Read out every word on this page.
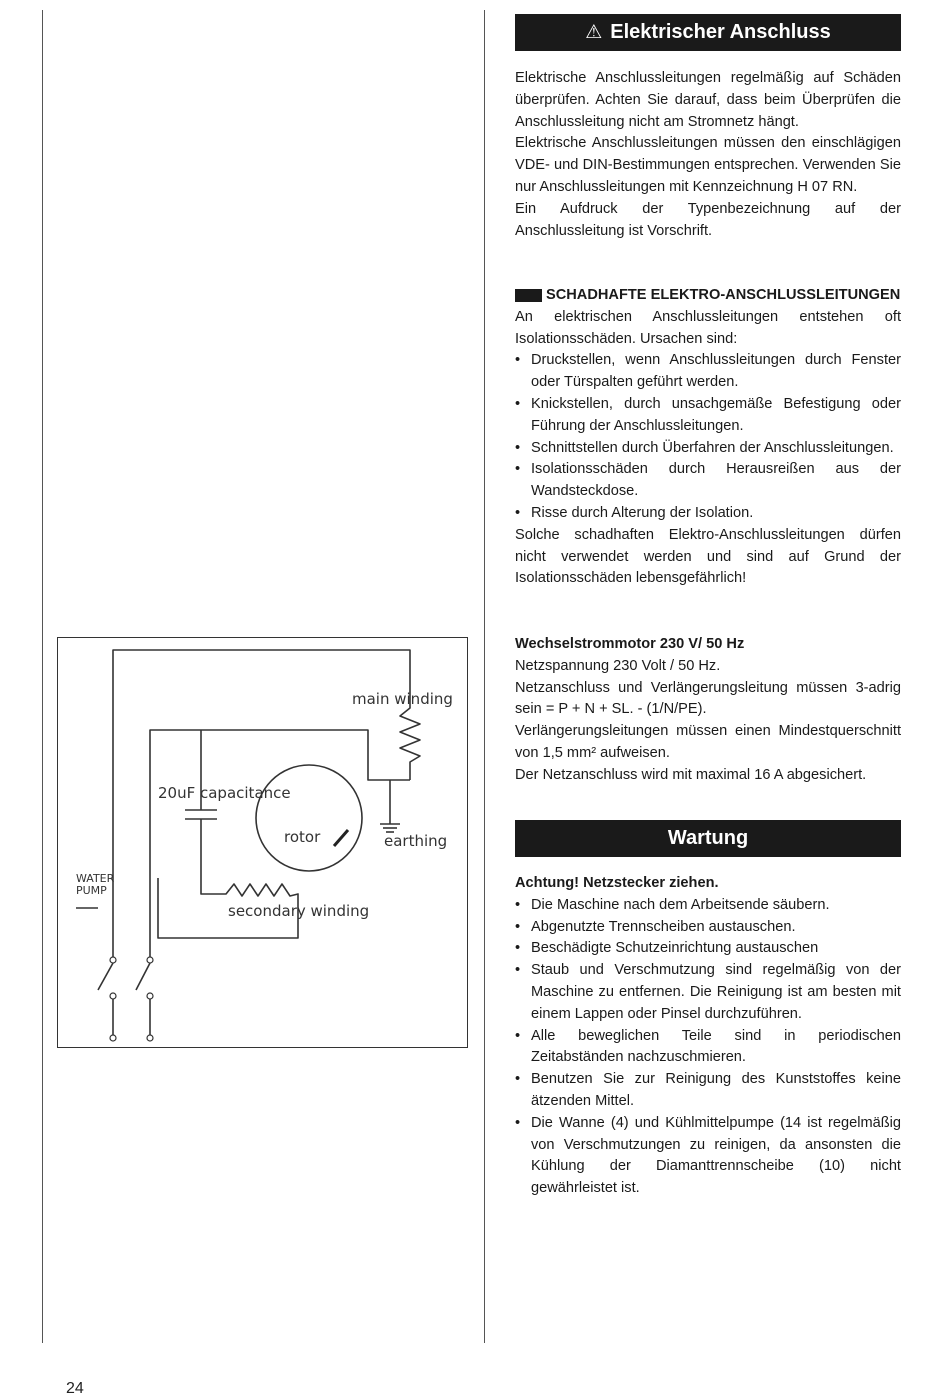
main winding
20uF capacitance
rotor	earthing
WATER
PUMP
secondary winding
⚠ Elektrischer Anschluss

Elektrische Anschlussleitungen regelmäßig auf Schäden überprüfen. Achten Sie darauf, dass beim Überprüfen die Anschlussleitung nicht am Stromnetz hängt.

Elektrische Anschlussleitungen müssen den einschlägigen VDE- und DIN-Bestimmungen entsprechen. Verwenden Sie nur Anschlussleitungen mit Kennzeichnung H 07 RN.

Ein Aufdruck der Typenbezeichnung auf der Anschlussleitung ist Vorschrift.

SCHADHAFTE ELEKTRO-ANSCHLUSSLEITUNGEN

An elektrischen Anschlussleitungen entstehen oft Isolationsschäden. Ursachen sind:

• Druckstellen, wenn Anschlussleitungen durch Fenster oder Türspalten geführt werden.
• Knickstellen, durch unsachgemäße Befestigung oder Führung der Anschlussleitungen.
• Schnittstellen durch Überfahren der Anschlussleitungen.
• Isolationsschäden durch Herausreißen aus der Wandsteckdose.
• Risse durch Alterung der Isolation.

Solche schadhaften Elektro-Anschlussleitungen dürfen nicht verwendet werden und sind auf Grund der Isolationsschäden lebensgefährlich!

Wechselstrommotor 230 V/ 50 Hz

Netzspannung 230 Volt / 50 Hz.

Netzanschluss und Verlängerungsleitung müssen 3-adrig sein = P + N + SL. - (1/N/PE).

Verlängerungsleitungen müssen einen Mindestquerschnitt von 1,5 mm² aufweisen.

Der Netzanschluss wird mit maximal 16 A abgesichert.

Wartung

Achtung! Netzstecker ziehen.

• Die Maschine nach dem Arbeitsende säubern.
• Abgenutzte Trennscheiben austauschen.
• Beschädigte Schutzeinrichtung austauschen
• Staub und Verschmutzung sind regelmäßig von der Maschine zu entfernen. Die Reinigung ist am besten mit einem Lappen oder Pinsel durchzuführen.
• Alle beweglichen Teile sind in periodischen Zeitabständen nachzuschmieren.
• Benutzen Sie zur Reinigung des Kunststoffes keine ätzenden Mittel.
• Die Wanne (4) und Kühlmittelpumpe (14 ist regelmäßig von Verschmutzungen zu reinigen, da ansonsten die Kühlung der Diamanttrennscheibe (10) nicht gewährleistet ist.
24
